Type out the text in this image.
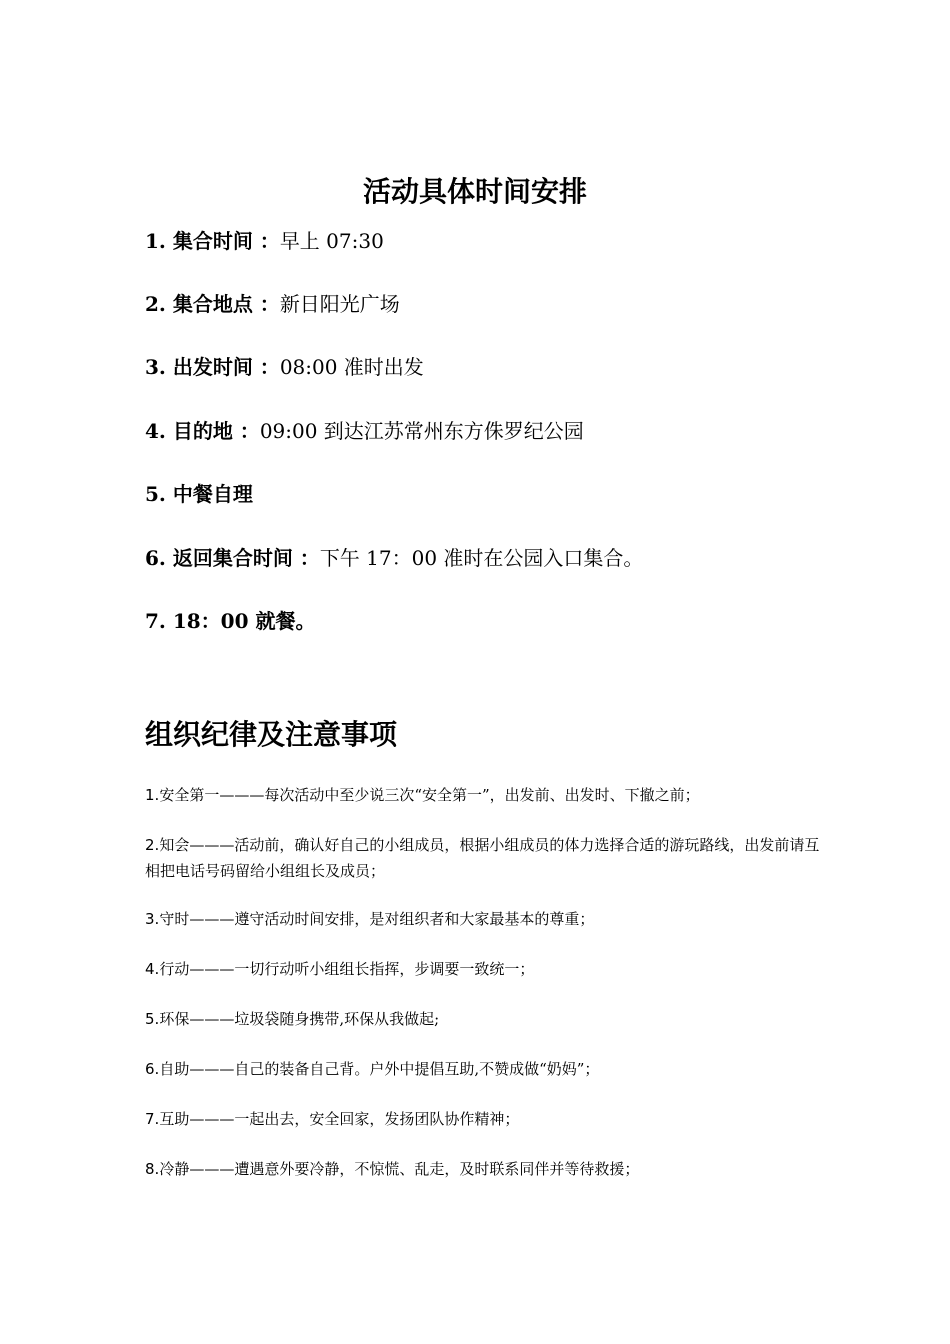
活动具体时间安排
1. 集合时间 ：早上 07:30
2. 集合地点 ：新日阳光广场
3. 出发时间 ：08:00 准时出发
4. 目的地 ：09:00 到达江苏常州东方侏罗纪公园
5. 中餐自理
6. 返回集合时间 ：下午 17：00 准时在公园入口集合。
7. 18：00 就餐。
组织纪律及注意事项
1.安全第一———每次活动中至少说三次“安全第一”，出发前、出发时、下撤之前；
2.知会———活动前，确认好自己的小组成员，根据小组成员的体力选择合适的游玩路线，出发前请互相把电话号码留给小组组长及成员；
3.守时———遵守活动时间安排，是对组织者和大家最基本的尊重；
4.行动———一切行动听小组组长指挥，步调要一致统一；
5.环保———垃圾袋随身携带,环保从我做起;
6.自助———自己的装备自己背。户外中提倡互助,不赞成做“奶妈”；
7.互助———一起出去，安全回家，发扬团队协作精神；
8.冷静———遭遇意外要冷静，不惊慌、乱走，及时联系同伴并等待救援；
